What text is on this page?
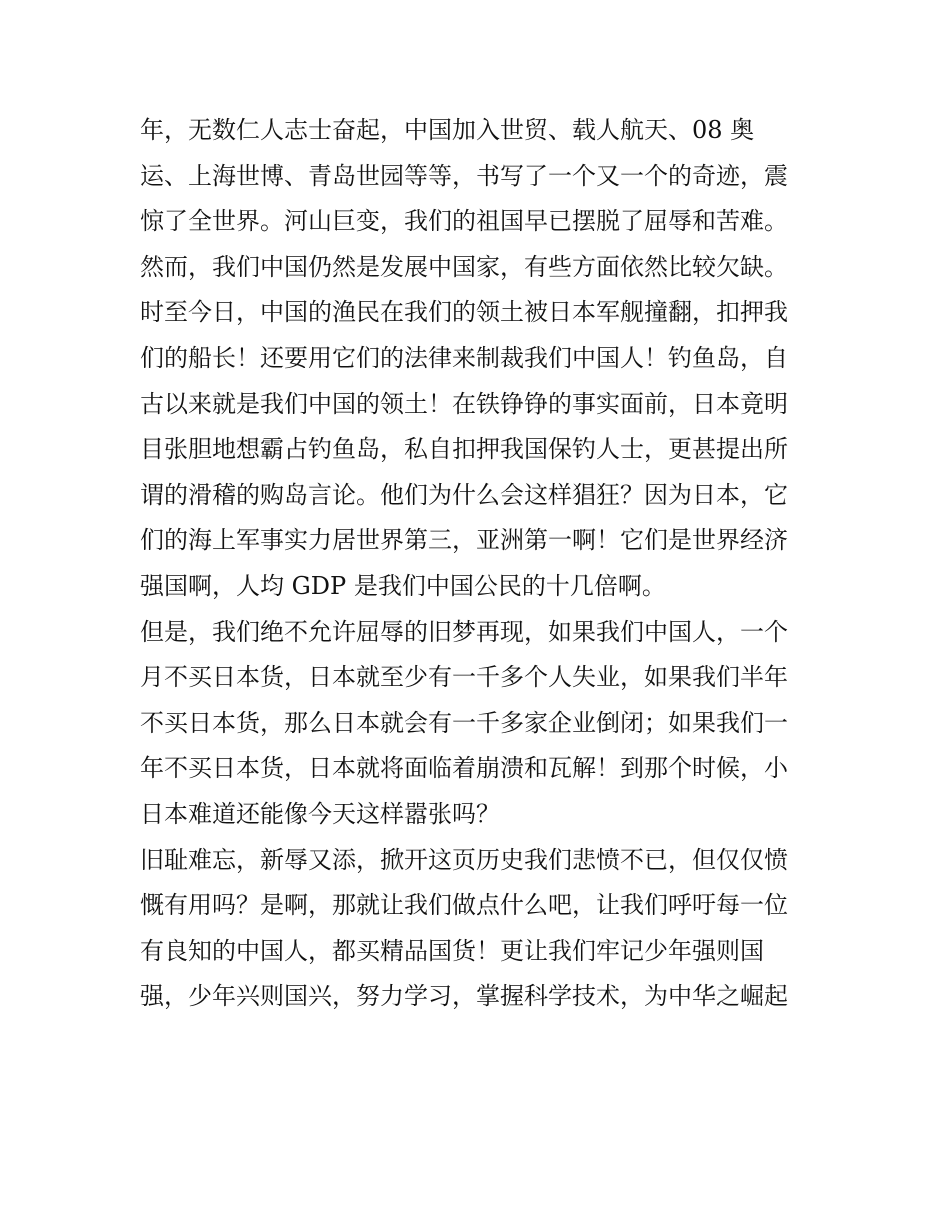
年，无数仁人志士奋起，中国加入世贸、载人航天、08 奥
运、上海世博、青岛世园等等，书写了一个又一个的奇迹，震
惊了全世界。河山巨变，我们的祖国早已摆脱了屈辱和苦难。
然而，我们中国仍然是发展中国家，有些方面依然比较欠缺。
时至今日，中国的渔民在我们的领土被日本军舰撞翻，扣押我
们的船长！还要用它们的法律来制裁我们中国人！钓鱼岛，自
古以来就是我们中国的领土！在铁铮铮的事实面前，日本竟明
目张胆地想霸占钓鱼岛，私自扣押我国保钓人士，更甚提出所
谓的滑稽的购岛言论。他们为什么会这样猖狂？因为日本，它
们的海上军事实力居世界第三，亚洲第一啊！它们是世界经济
强国啊，人均 GDP 是我们中国公民的十几倍啊。
但是，我们绝不允许屈辱的旧梦再现，如果我们中国人，一个
月不买日本货，日本就至少有一千多个人失业，如果我们半年
不买日本货，那么日本就会有一千多家企业倒闭；如果我们一
年不买日本货，日本就将面临着崩溃和瓦解！到那个时候，小
日本难道还能像今天这样嚣张吗？
旧耻难忘，新辱又添，掀开这页历史我们悲愤不已，但仅仅愤
慨有用吗？是啊，那就让我们做点什么吧，让我们呼吁每一位
有良知的中国人，都买精品国货！更让我们牢记少年强则国
强，少年兴则国兴，努力学习，掌握科学技术，为中华之崛起
